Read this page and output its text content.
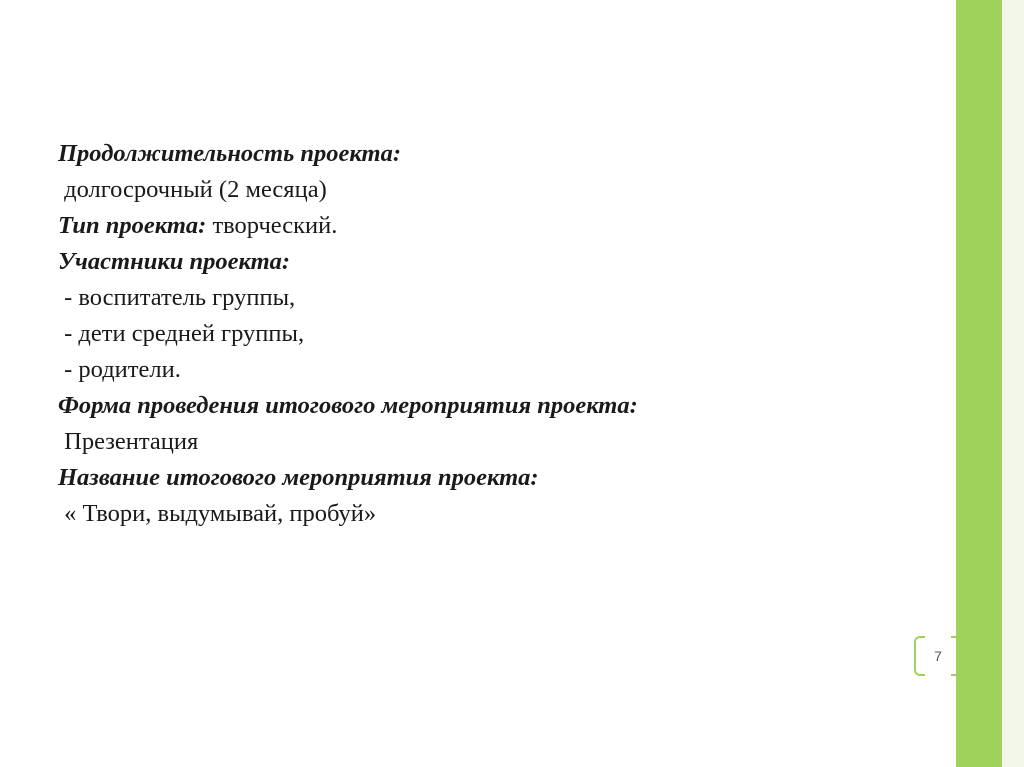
Продолжительность проекта:
долгосрочный (2 месяца)
Тип проекта: творческий.
Участники проекта:
- воспитатель группы,
- дети средней группы,
- родители.
Форма проведения итогового мероприятия проекта:
Презентация
Название итогового мероприятия проекта:
« Твори, выдумывай, пробуй»
7
